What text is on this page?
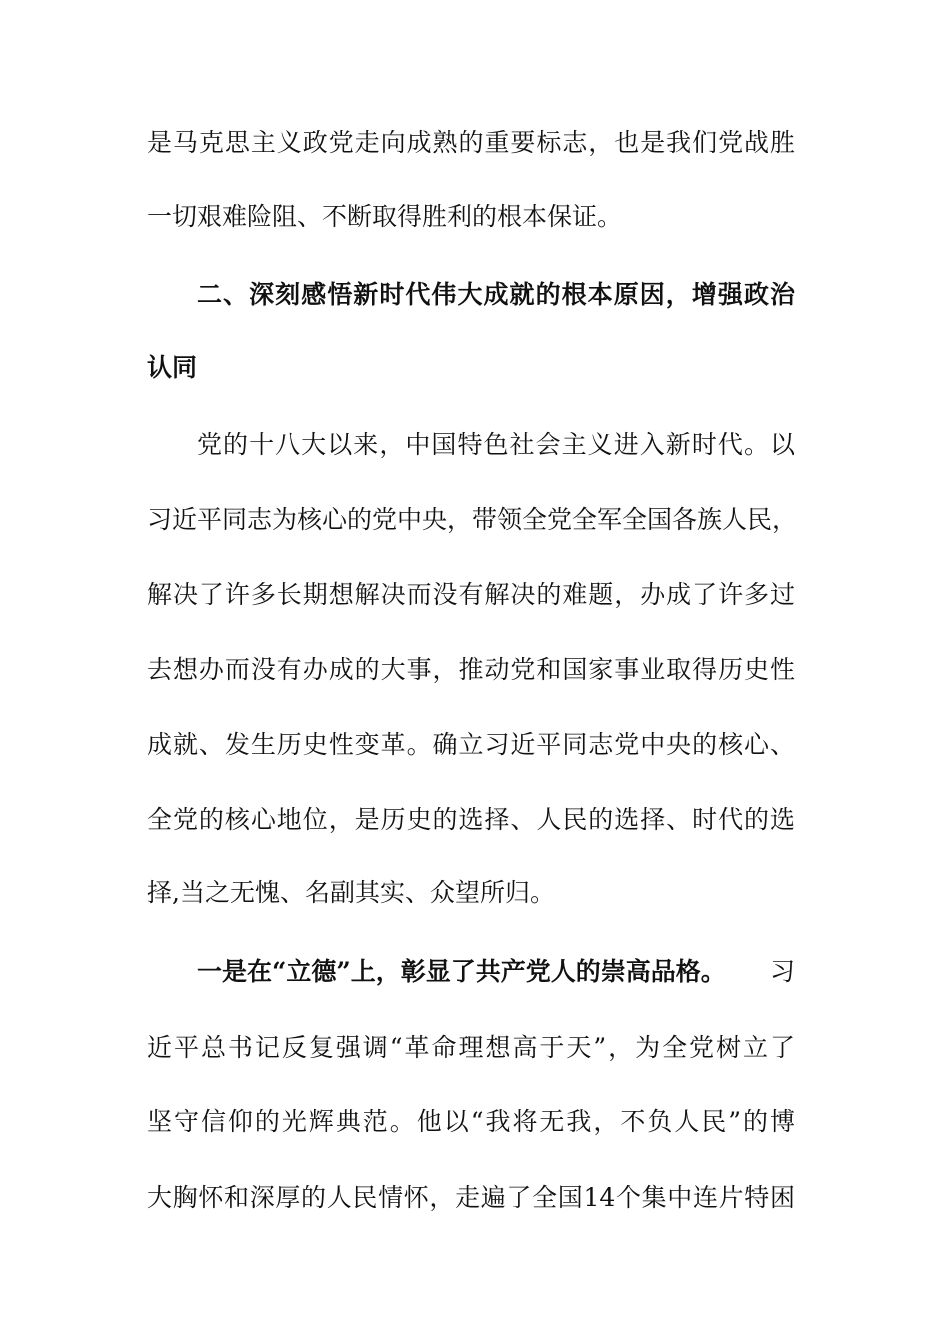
是马克思主义政党走向成熟的重要标志，也是我们党战胜
一切艰难险阻、不断取得胜利的根本保证。
二、深刻感悟新时代伟大成就的根本原因，增强政治
认同
党的十八大以来，中国特色社会主义进入新时代。以
习近平同志为核心的党中央，带领全党全军全国各族人民，
解决了许多长期想解决而没有解决的难题，办成了许多过
去想办而没有办成的大事，推动党和国家事业取得历史性
成就、发生历史性变革。确立习近平同志党中央的核心、
全党的核心地位，是历史的选择、人民的选择、时代的选
择,当之无愧、名副其实、众望所归。
一是在“立德”上，彰显了共产党人的崇高品格。 习
近平总书记反复强调“革命理想高于天”，为全党树立了
坚守信仰的光辉典范。他以“我将无我，不负人民”的博
大胸怀和深厚的人民情怀，走遍了全国14个集中连片特困
